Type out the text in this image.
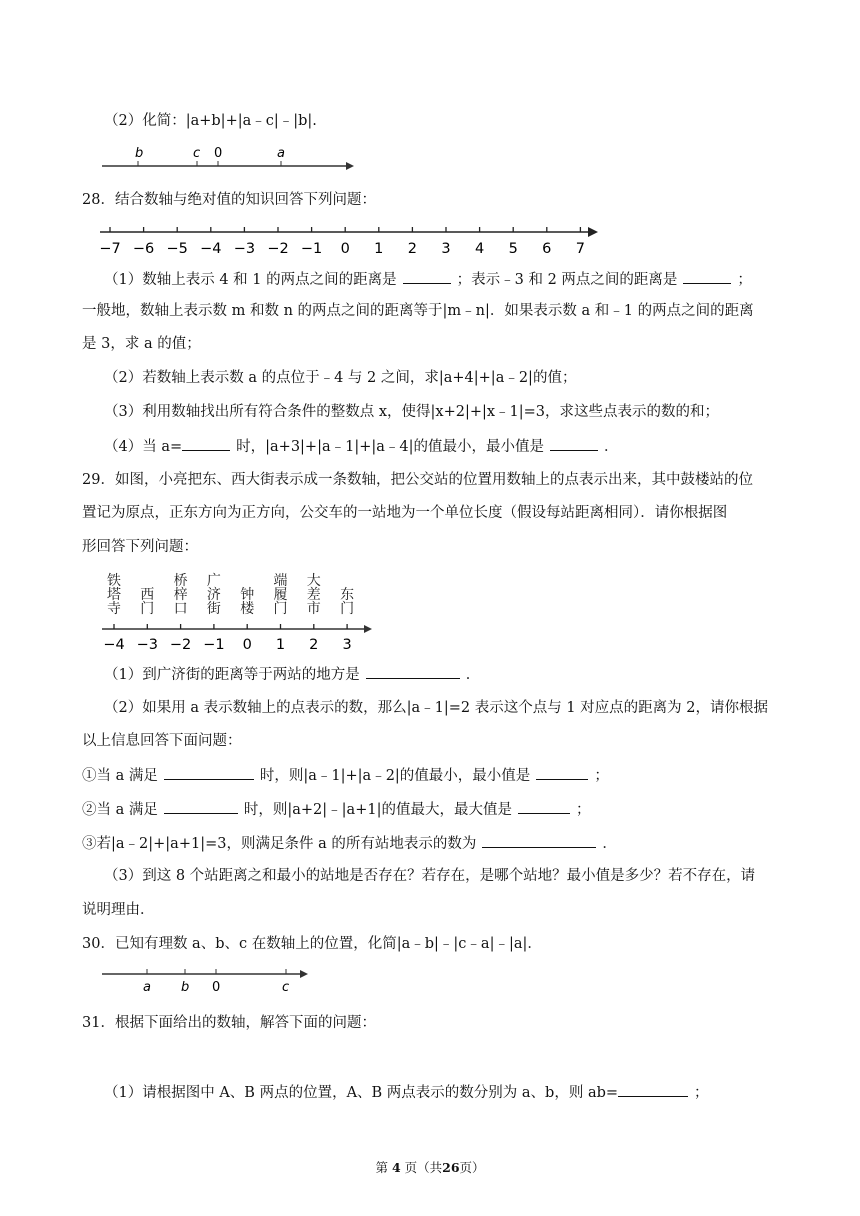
（2）化简：|a+b|+|a﹣c|﹣|b|.
b	c 0	a
28．结合数轴与绝对值的知识回答下列问题：
−7 −6 −5 −4 −3 −2 −1 0 1 2 3 4 5 6 7
（1）数轴上表示 4 和 1 的两点之间的距离是	；表示﹣3 和 2 两点之间的距离是	；
一般地，数轴上表示数 m 和数 n 的两点之间的距离等于|m﹣n|．如果表示数 a 和﹣1 的两点之间的距离
是 3，求 a 的值；
（2）若数轴上表示数 a 的点位于﹣4 与 2 之间，求|a+4|+|a﹣2|的值；
（3）利用数轴找出所有符合条件的整数点 x，使得|x+2|+|x﹣1|=3，求这些点表示的数的和；
（4）当 a=	时，|a+3|+|a﹣1|+|a﹣4|的值最小，最小值是	．
29．如图，小亮把东、西大街表示成一条数轴，把公交站的位置用数轴上的点表示出来，其中鼓楼站的位
置记为原点，正东方向为正方向，公交车的一站地为一个单位长度（假设每站距离相同）．请你根据图
形回答下列问题：
铁
塔
寺
西
门
桥
梓
口
广
济
街
钟
楼
端
履
门
大
差
市
东
门
−4 −3 −2 −1 0 1 2 3
（1）到广济街的距离等于两站的地方是	．
（2）如果用 a 表示数轴上的点表示的数，那么|a﹣1|=2 表示这个点与 1 对应点的距离为 2，请你根据
以上信息回答下面问题：
①当 a 满足	时，则|a﹣1|+|a﹣2|的值最小，最小值是	；
②当 a 满足	时，则|a+2|﹣|a+1|的值最大，最大值是	；
③若|a﹣2|+|a+1|=3，则满足条件 a 的所有站地表示的数为	．
（3）到这 8 个站距离之和最小的站地是否存在？若存在，是哪个站地？最小值是多少？若不存在，请
说明理由．
30．已知有理数 a、b、c 在数轴上的位置，化简|a﹣b|﹣|c﹣a|﹣|a|．
a b 0	c
31．根据下面给出的数轴，解答下面的问题：
（1）请根据图中 A、B 两点的位置，A、B 两点表示的数分别为 a、b，则 ab=	；
第 4 页（共26页）
